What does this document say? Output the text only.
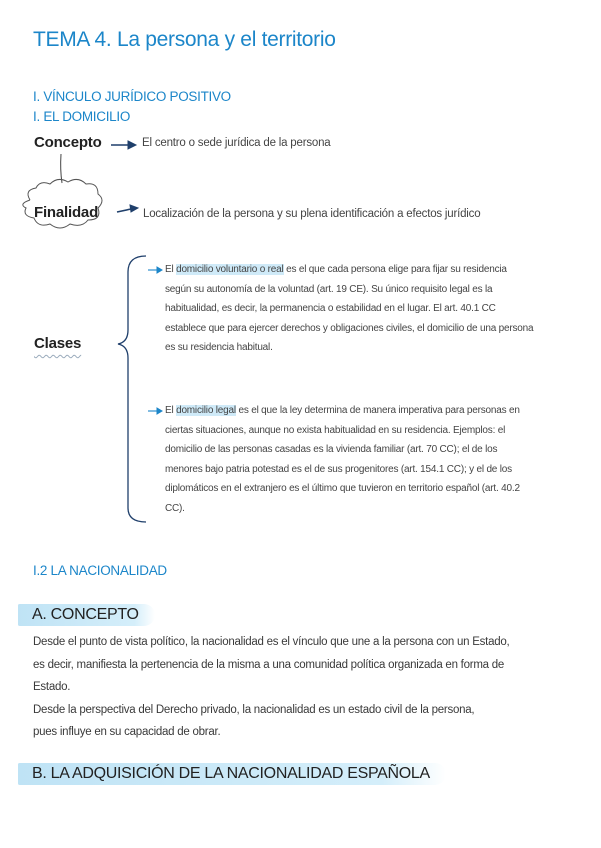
TEMA 4. La persona y el territorio
I. VÍNCULO JURÍDICO POSITIVO
I. EL DOMICILIO
Concepto	El centro o sede jurídica de la persona
Finalidad	Localización de la persona y su plena identificación a efectos jurídico
Clases

El domicilio voluntario o real es el que cada persona elige para fijar su residencia

según su autonomía de la voluntad (art. 19 CE). Su único requisito legal es la

habitualidad, es decir, la permanencia o estabilidad en el lugar. El art. 40.1 CC

establece que para ejercer derechos y obligaciones civiles, el domicilio de una persona

es su residencia habitual.

El domicilio legal es el que la ley determina de manera imperativa para personas en

ciertas situaciones, aunque no exista habitualidad en su residencia. Ejemplos: el

domicilio de las personas casadas es la vivienda familiar (art. 70 CC); el de los

menores bajo patria potestad es el de sus progenitores (art. 154.1 CC); y el de los

diplomáticos en el extranjero es el último que tuvieron en territorio español (art. 40.2

CC).

I.2 LA NACIONALIDAD
A. CONCEPTO

Desde el punto de vista político, la nacionalidad es el vínculo que une a la persona con un Estado,

es decir, manifiesta la pertenencia de la misma a una comunidad política organizada en forma de

Estado.

Desde la perspectiva del Derecho privado, la nacionalidad es un estado civil de la persona,

pues influye en su capacidad de obrar.

B. LA ADQUISICIÓN DE LA NACIONALIDAD ESPAÑOLA
